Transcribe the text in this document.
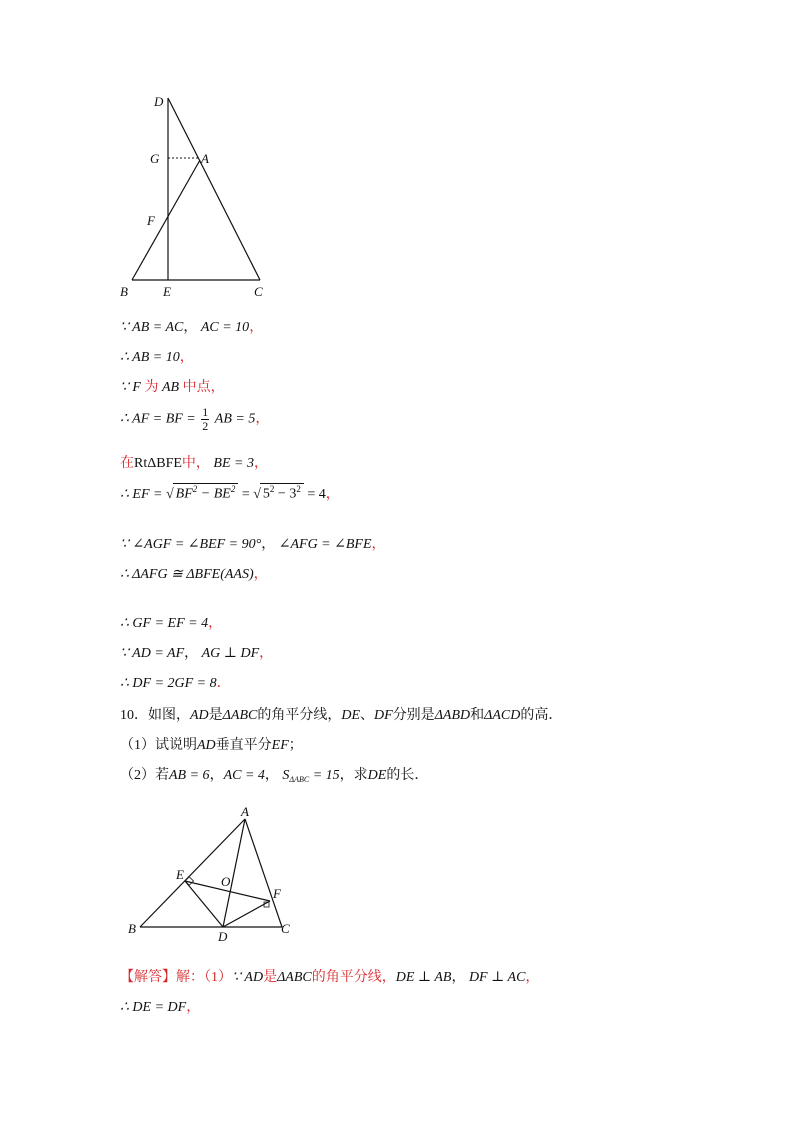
D
G	A
F
B	E	C
∵ AB = AC， AC = 10，
∴ AB = 10，
∵ F 为 AB 中点，
∴ AF = BF = $\frac{1}{2}$ AB = 5，
在RtΔBFE中， BE = 3，
∴ EF = √ $BF^2 - BE^2$ = √ $5^2 - 3^2 = 4$，
∵ ∠AGF = ∠BEF = 90°， ∠AFG = ∠BFE，
∴ ΔAFG ≅ ΔBFE(AAS)，
∴ GF = EF = 4，
∵ AD = AF， AG ⊥ DF，
∴ DF = 2GF = 8．
10．如图，AD是ΔABC的角平分线，DE、DF分别是ΔABD和ΔACD的高．
（1）试说明AD垂直平分EF；
（2）若AB = 6，AC = 4， $S_{\Delta ABC} = 15$，求DE的长．
A
E	O
F
B
D
C
【解答】解：（1）∵ AD是ΔABC的角平分线，DE ⊥ AB， DF ⊥ AC，
∴ DE = DF，
